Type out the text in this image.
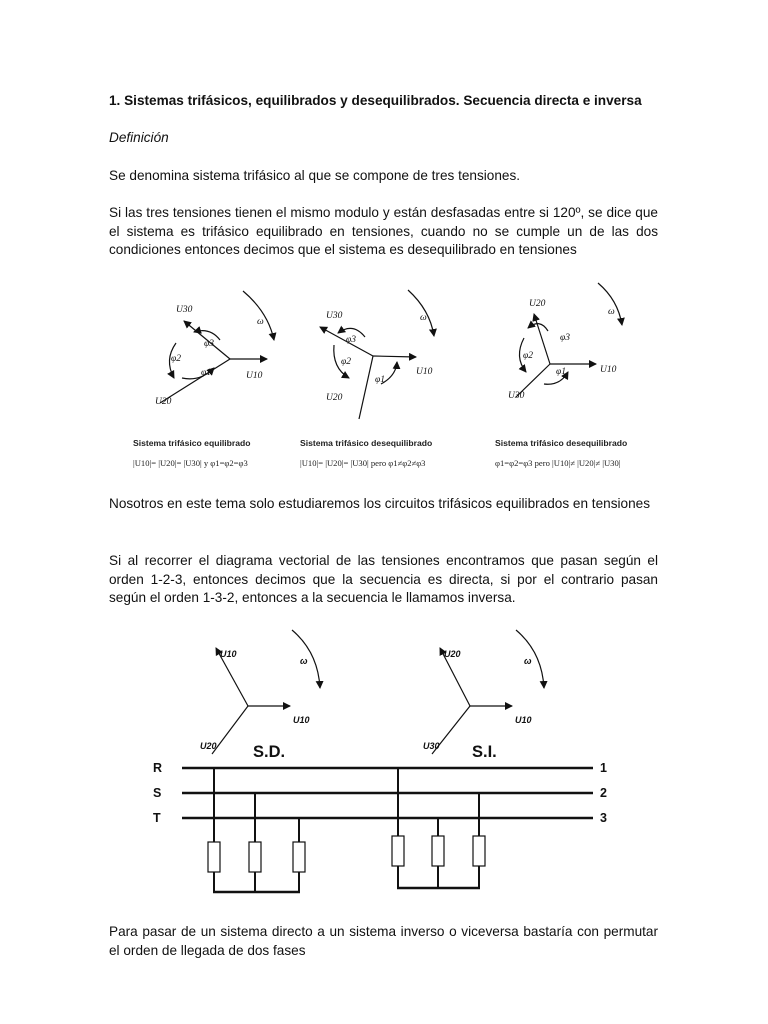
1. Sistemas trifásicos, equilibrados y desequilibrados. Secuencia directa e inversa

Definición

Se denomina sistema trifásico al que se compone de tres tensiones.

Si las tres tensiones tienen el mismo modulo y están desfasadas entre si 120º, se dice que el sistema es trifásico equilibrado en tensiones, cuando no se cumple un de las dos condiciones entonces decimos que el sistema es desequilibrado en tensiones

Nosotros en este tema solo estudiaremos los circuitos trifásicos equilibrados en tensiones

Si al recorrer el diagrama vectorial de las tensiones encontramos que pasan según el orden 1-2-3, entonces decimos que la secuencia es directa, si por el contrario pasan según el orden 1-3-2, entonces a la secuencia le llamamos inversa.

Para pasar de un sistema directo a un sistema inverso o viceversa bastaría con permutar el orden de llegada de dos fases

U30
ω
φ3
φ2
φ1	U10
U20
U30	ω
φ3
φ2
φ1
U10
U20
U20
ω
φ3
φ2
φ1	U10
U30
Sistema trifásico equilibrado
|U10|= |U20|= |U30| y φ1=φ2=φ3
Sistema trifásico desequilibrado
|U10|= |U20|= |U30| pero φ1≠φ2≠φ3
Sistema trifásico desequilibrado
φ1=φ2=φ3 pero |U10|≠ |U20|≠ |U30|
U10
ω
U10
U20 S.D.
U20
ω
U10
U30 S.I.
R
S
T
1
2
3
